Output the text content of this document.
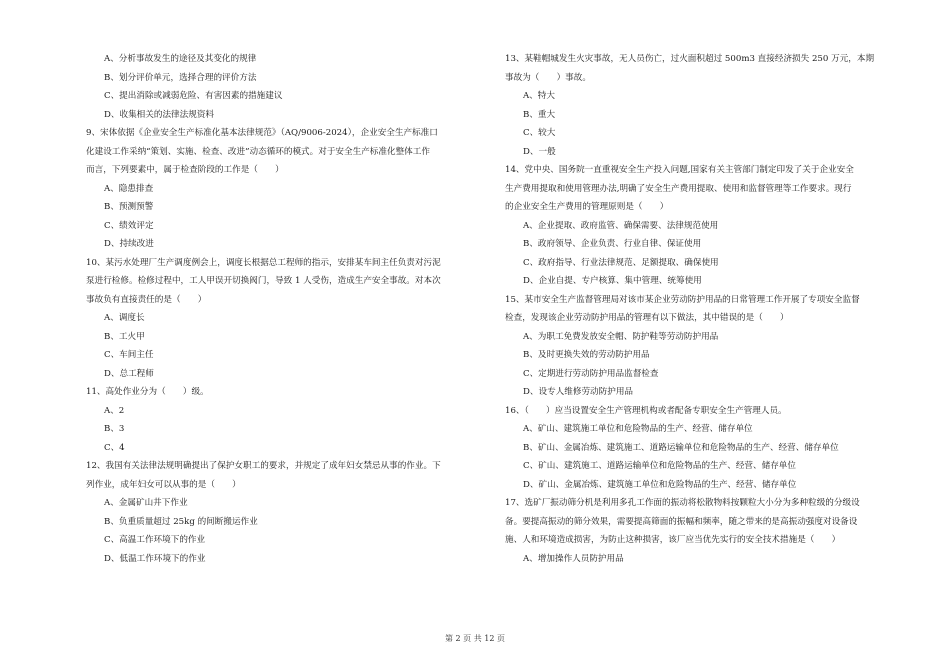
A、分析事故发生的途径及其变化的规律
B、划分评价单元，选择合理的评价方法
C、提出消除或减弱危险、有害因素的措施建议
D、收集相关的法律法规资料
9、宋体依据《企业安全生产标准化基本法律规范》（AQ/9006-2024），企业安全生产标准口
化建设工作采纳“策划、实施、检查、改进”动态循环的模式。对于安全生产标准化整体工作
而言，下列要素中，属于检查阶段的工作是（　　）
A、隐患排查
B、预测预警
C、绩效评定
D、持续改进
10、某污水处理厂生产调度例会上，调度长根据总工程师的指示，安排某车间主任负责对污泥
泵进行检修。检修过程中，工人甲误开切换阀门，导致 1 人受伤，造成生产安全事故。对本次
事故负有直接责任的是（　　）
A、调度长
B、工火甲
C、车间主任
D、总工程师
11、高处作业分为（　　）级。
A、2
B、3
C、4
12、我国有关法律法规明确提出了保护女职工的要求，并规定了成年妇女禁忌从事的作业。下
列作业，成年妇女可以从事的是（　　）
A、金属矿山井下作业
B、负重质量超过 25kg 的间断搬运作业
C、高温工作环境下的作业
D、低温工作环境下的作业
13、某鞋帽城发生火灾事故，无人员伤亡，过火面积超过 500m3 直接经济损失 250 万元，本期
事故为（　　）事故。
A、特大
B、重大
C、较大
D、一般
14、党中央、国务院一直重视安全生产投入问题,国家有关主管部门制定印发了关于企业安全
生产费用提取和使用管理办法,明确了安全生产费用提取、使用和监督管理等工作要求。现行
的企业安全生产费用的管理原则是（　　）
A、企业提取、政府监管、确保需要、法律规范使用
B、政府领导、企业负责、行业自律、保证使用
C、政府指导、行业法律规范、足额提取、确保使用
D、企业自提、专户核算、集中管理、统筹使用
15、某市安全生产监督管理局对该市某企业劳动防护用品的日常管理工作开展了专项安全监督
检查，发现该企业劳动防护用品的管理有以下做法，其中错误的是（　　）
A、为职工免费发放安全帽、防护鞋等劳动防护用品
B、及时更换失效的劳动防护用品
C、定期进行劳动防护用品监督检查
D、设专人维修劳动防护用品
16、（　　）应当设置安全生产管理机构或者配备专职安全生产管理人员。
A、矿山、建筑施工单位和危险物品的生产、经营、储存单位
B、矿山、金属冶炼、建筑施工、道路运输单位和危险物品的生产、经营、储存单位
C、矿山、建筑施工、道路运输单位和危险物品的生产、经营、储存单位
D、矿山、金属冶炼、建筑施工单位和危险物品的生产、经营、储存单位
17、选矿厂振动筛分机是利用多孔工作面的振动将松散物料按颗粒大小分为多种粒级的分级设
备。要提高振动的筛分效果，需要提高筛面的振幅和频率，随之带来的是高振动强度对设备设
施、人和环境造成损害，为防止这种损害，该厂应当优先实行的安全技术措施是（　　）
A、增加操作人员防护用品
第 2 页 共 12 页
